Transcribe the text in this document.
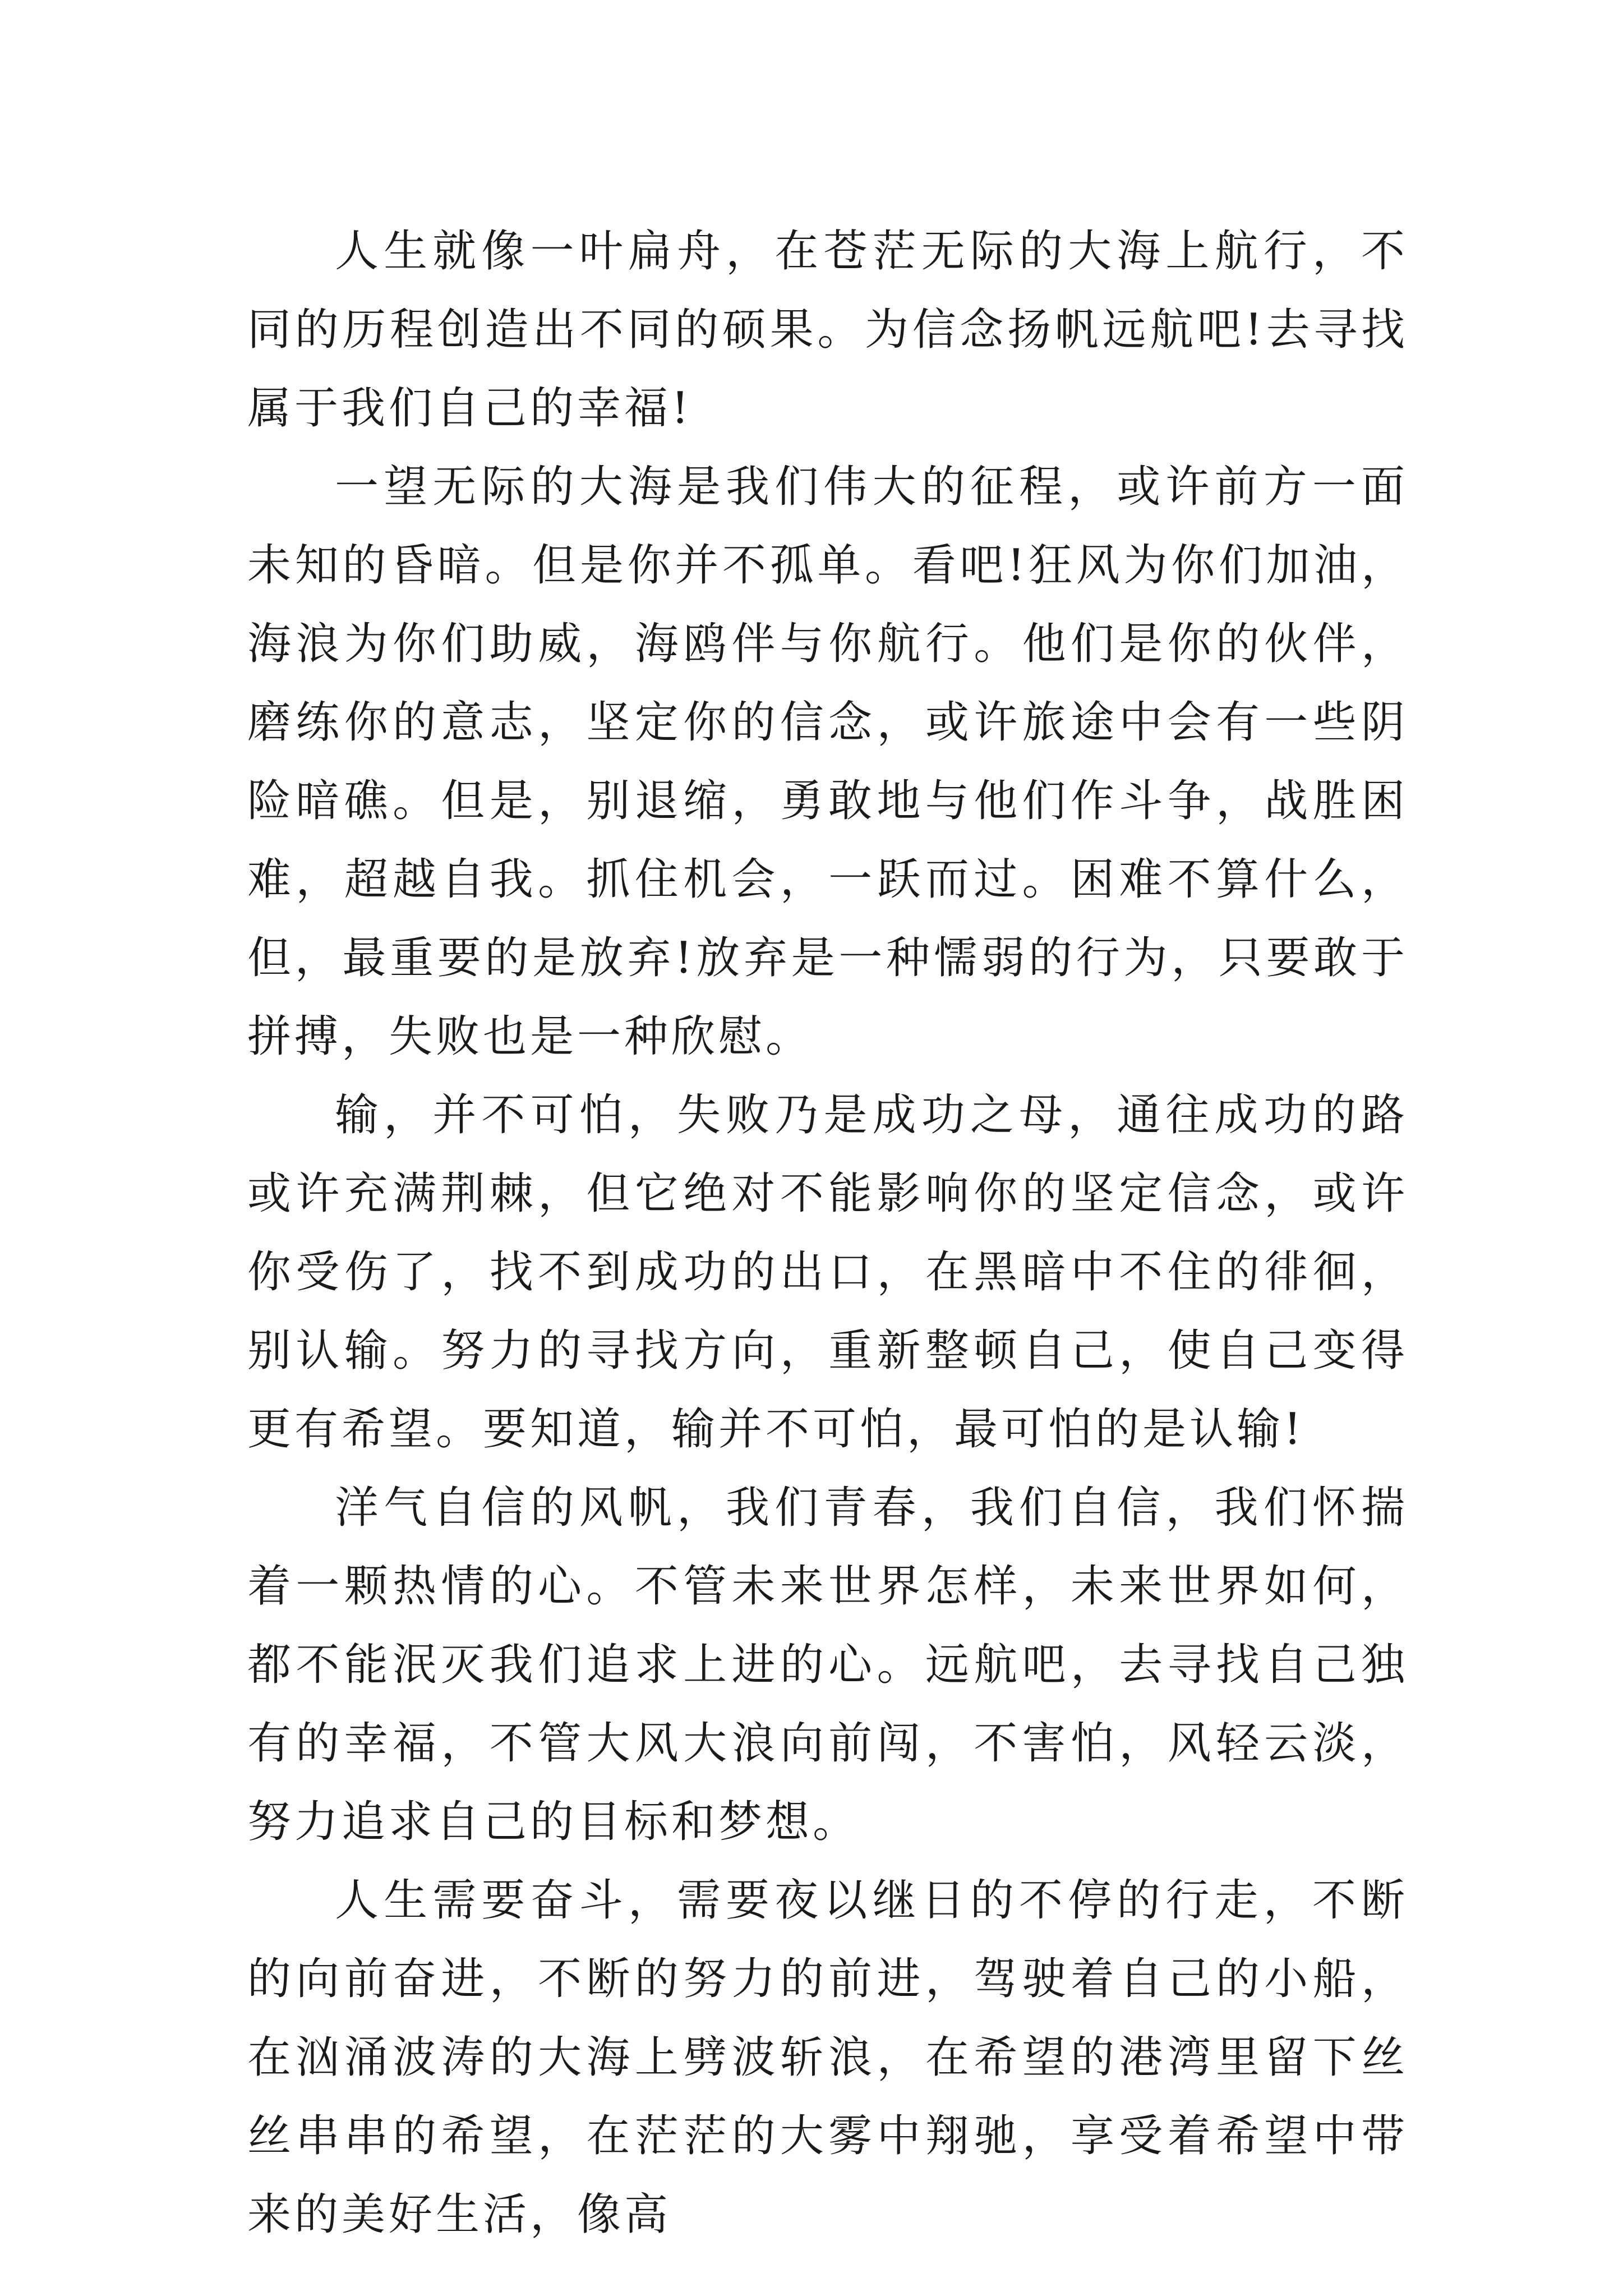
人生就像一叶扁舟，在苍茫无际的大海上航行，不同的历程创造出不同的硕果。为信念扬帆远航吧!去寻找属于我们自己的幸福!

一望无际的大海是我们伟大的征程，或许前方一面未知的昏暗。但是你并不孤单。看吧!狂风为你们加油，海浪为你们助威，海鸥伴与你航行。他们是你的伙伴，磨练你的意志，坚定你的信念，或许旅途中会有一些阴险暗礁。但是，别退缩，勇敢地与他们作斗争，战胜困难，超越自我。抓住机会，一跃而过。困难不算什么，但，最重要的是放弃!放弃是一种懦弱的行为，只要敢于拼搏，失败也是一种欣慰。

输，并不可怕，失败乃是成功之母，通往成功的路或许充满荆棘，但它绝对不能影响你的坚定信念，或许你受伤了，找不到成功的出口，在黑暗中不住的徘徊，别认输。努力的寻找方向，重新整顿自己，使自己变得更有希望。要知道，输并不可怕，最可怕的是认输!

洋气自信的风帆，我们青春，我们自信，我们怀揣着一颗热情的心。不管未来世界怎样，未来世界如何，都不能泯灭我们追求上进的心。远航吧，去寻找自己独有的幸福，不管大风大浪向前闯，不害怕，风轻云淡，努力追求自己的目标和梦想。

人生需要奋斗，需要夜以继日的不停的行走，不断的向前奋进，不断的努力的前进，驾驶着自己的小船，在汹涌波涛的大海上劈波斩浪，在希望的港湾里留下丝丝串串的希望，在茫茫的大雾中翔驰，享受着希望中带来的美好生活，像高
